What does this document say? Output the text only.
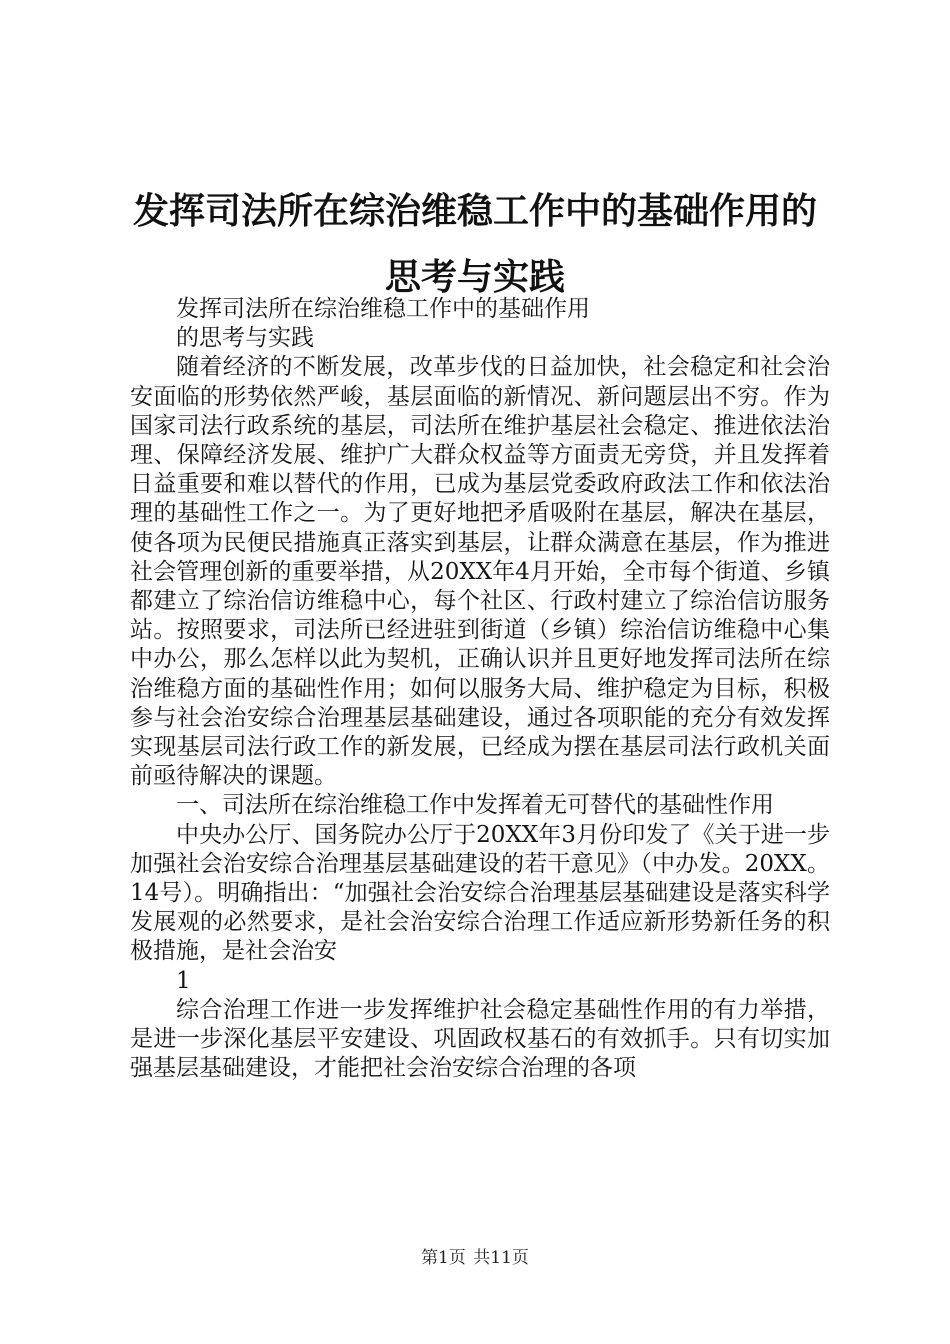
发挥司法所在综治维稳工作中的基础作用的思考与实践

发挥司法所在综治维稳工作中的基础作用

的思考与实践

随着经济的不断发展，改革步伐的日益加快，社会稳定和社会治安面临的形势依然严峻，基层面临的新情况、新问题层出不穷。作为国家司法行政系统的基层，司法所在维护基层社会稳定、推进依法治理、保障经济发展、维护广大群众权益等方面责无旁贷，并且发挥着日益重要和难以替代的作用，已成为基层党委政府政法工作和依法治理的基础性工作之一。为了更好地把矛盾吸附在基层，解决在基层，使各项为民便民措施真正落实到基层，让群众满意在基层，作为推进社会管理创新的重要举措，从20XX年4月开始，全市每个街道、乡镇都建立了综治信访维稳中心，每个社区、行政村建立了综治信访服务站。按照要求，司法所已经进驻到街道（乡镇）综治信访维稳中心集中办公，那么怎样以此为契机，正确认识并且更好地发挥司法所在综治维稳方面的基础性作用；如何以服务大局、维护稳定为目标，积极参与社会治安综合治理基层基础建设，通过各项职能的充分有效发挥实现基层司法行政工作的新发展，已经成为摆在基层司法行政机关面前亟待解决的课题。

一、司法所在综治维稳工作中发挥着无可替代的基础性作用

中央办公厅、国务院办公厅于20XX年3月份印发了《关于进一步加强社会治安综合治理基层基础建设的若干意见》（中办发。20XX。14号）。明确指出：“加强社会治安综合治理基层基础建设是落实科学发展观的必然要求，是社会治安综合治理工作适应新形势新任务的积极措施，是社会治安

1

综合治理工作进一步发挥维护社会稳定基础性作用的有力举措，是进一步深化基层平安建设、巩固政权基石的有效抓手。只有切实加强基层基础建设，才能把社会治安综合治理的各项

第1页 共11页
